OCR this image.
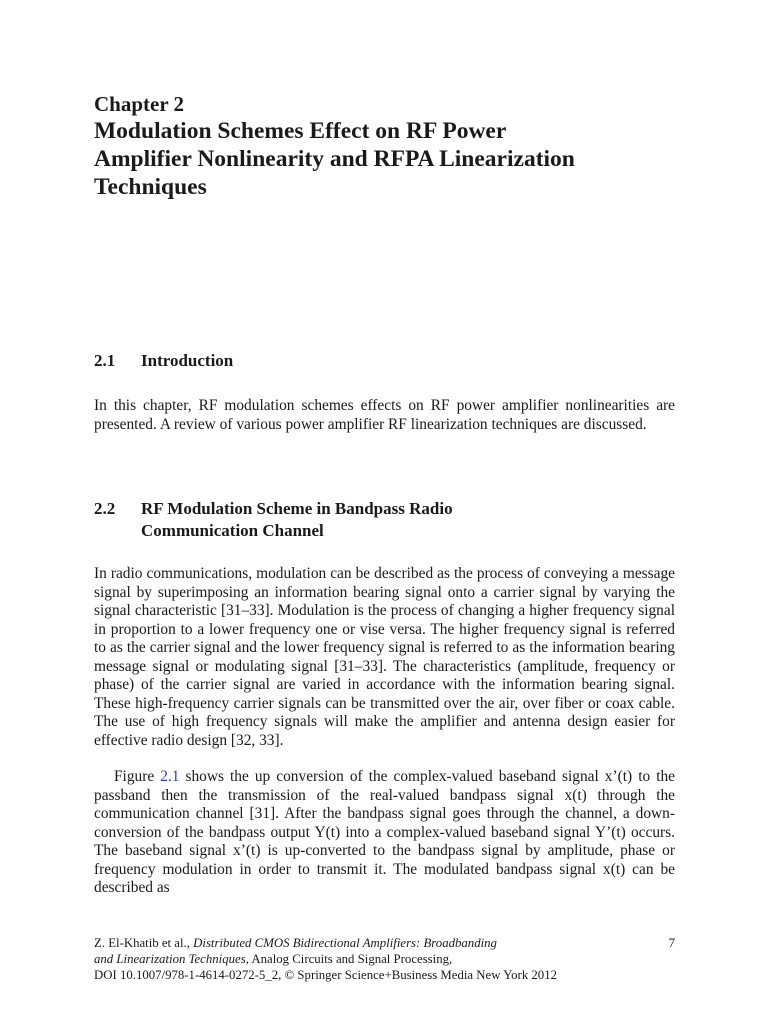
Chapter 2
Modulation Schemes Effect on RF Power
Amplifier Nonlinearity and RFPA Linearization
Techniques
2.1 Introduction

In this chapter, RF modulation schemes effects on RF power amplifier nonlinearities are presented. A review of various power amplifier RF linearization techniques are discussed.

2.2 RF Modulation Scheme in Bandpass Radio
Communication Channel

In radio communications, modulation can be described as the process of conveying a message signal by superimposing an information bearing signal onto a carrier signal by varying the signal characteristic [31–33]. Modulation is the process of changing a higher frequency signal in proportion to a lower frequency one or vise versa. The higher frequency signal is referred to as the carrier signal and the lower frequency signal is referred to as the information bearing message signal or modulating signal [31–33]. The characteristics (amplitude, frequency or phase) of the carrier signal are varied in accordance with the information bearing signal. These high-frequency carrier signals can be transmitted over the air, over fiber or coax cable. The use of high frequency signals will make the amplifier and antenna design easier for effective radio design [32, 33].

Figure 2.1 shows the up conversion of the complex-valued baseband signal x’(t) to the passband then the transmission of the real-valued bandpass signal x(t) through the communication channel [31]. After the bandpass signal goes through the channel, a down-conversion of the bandpass output Y(t) into a complex-valued baseband signal Y’(t) occurs. The baseband signal x’(t) is up-converted to the bandpass signal by amplitude, phase or frequency modulation in order to transmit it. The modulated bandpass signal x(t) can be described as

Z. El-Khatib et al., Distributed CMOS Bidirectional Amplifiers: Broadbanding
and Linearization Techniques, Analog Circuits and Signal Processing,
DOI 10.1007/978-1-4614-0272-5_2, © Springer Science+Business Media New York 2012
7
